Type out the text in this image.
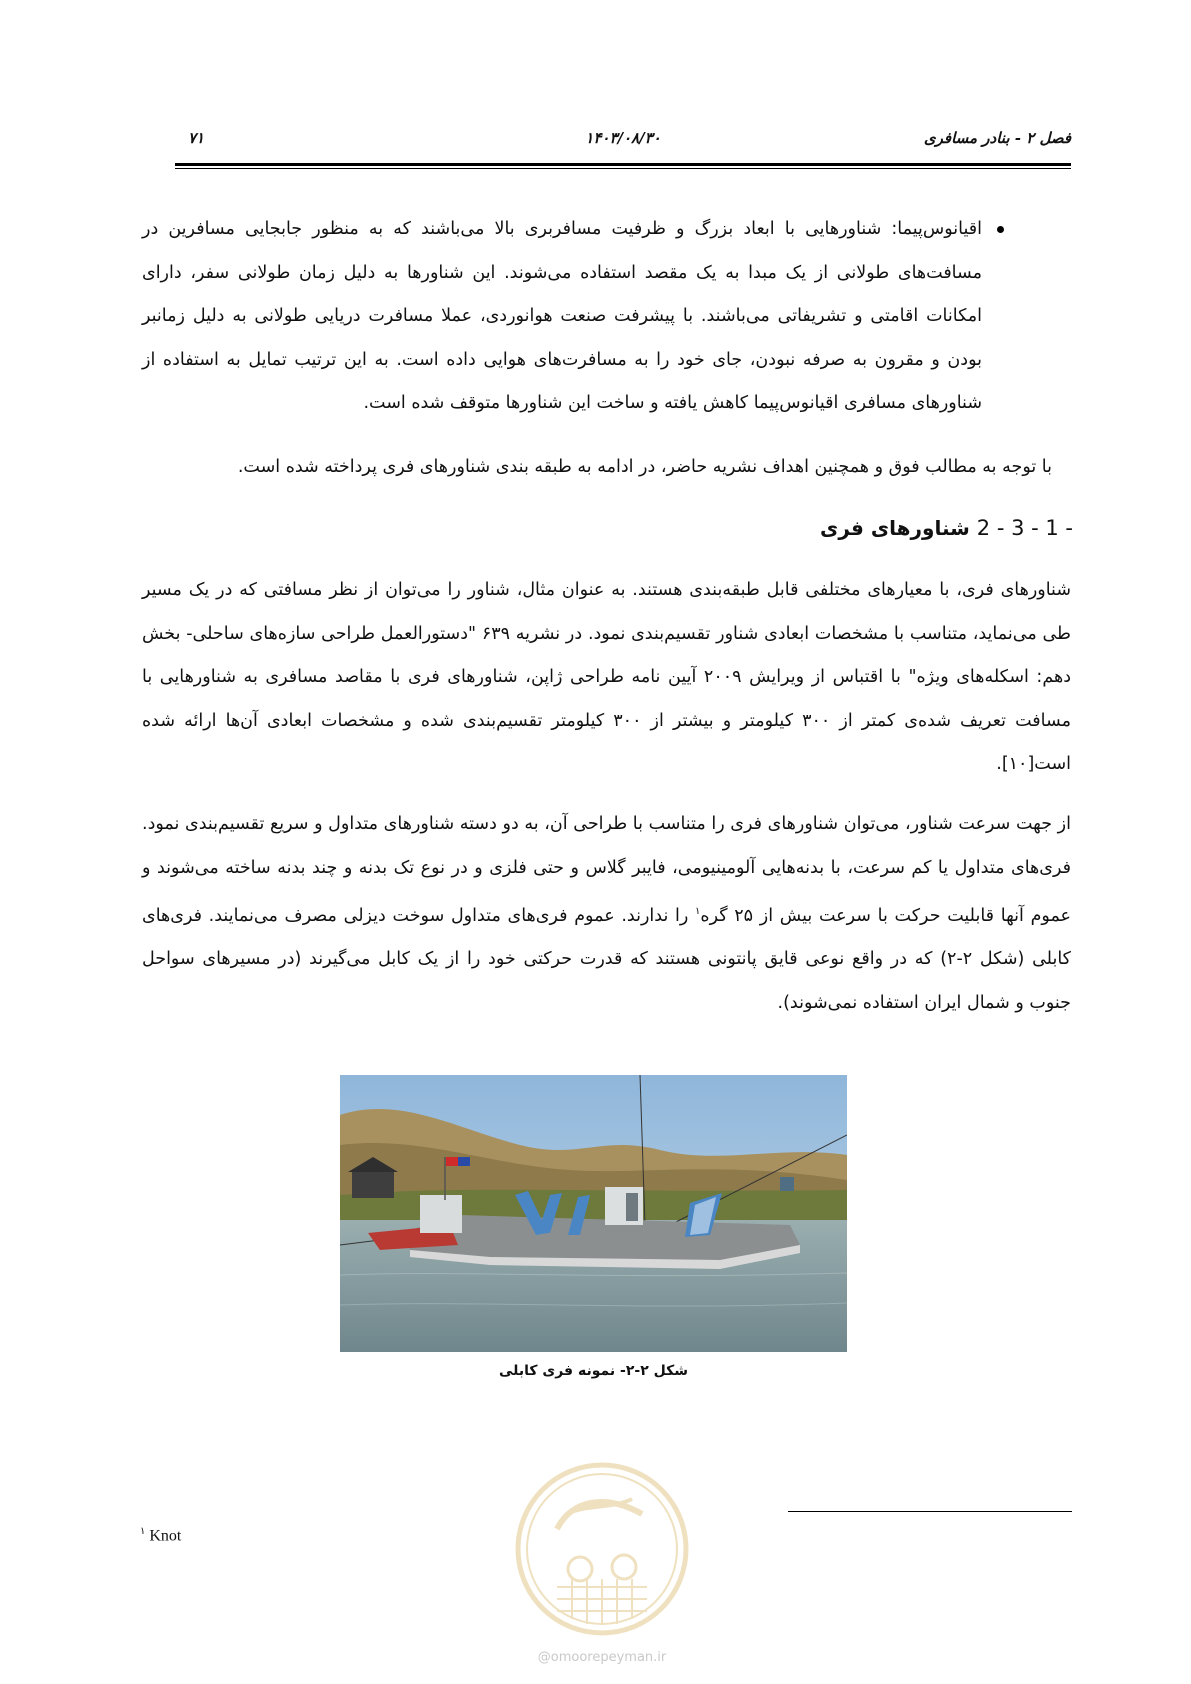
فصل ۲ - بنادر مسافری
۱۴۰۳/۰۸/۳۰
۷۱
اقیانوس‌پیما: شناورهایی با ابعاد بزرگ و ظرفیت مسافربری بالا می‌باشند که به منظور جابجایی مسافرین در مسافت‌های طولانی از یک مبدا به یک مقصد استفاده می‌شوند. این شناورها به دلیل زمان طولانی سفر، دارای امکانات اقامتی و تشریفاتی می‌باشند. با پیشرفت صنعت هوانوردی، عملا مسافرت دریایی طولانی به دلیل زمانبر بودن و مقرون به صرفه نبودن، جای خود را به مسافرت‌های هوایی داده است. به این ترتیب تمایل به استفاده از شناورهای مسافری اقیانوس‌پیما کاهش یافته و ساخت این شناورها متوقف شده است.
با توجه به مطالب فوق و همچنین اهداف نشریه حاضر، در ادامه به طبقه بندی شناورهای فری پرداخته شده است.
2 - 3 - 1 - شناورهای فری
شناورهای فری، با معیارهای مختلفی قابل طبقه‌بندی هستند. به عنوان مثال، شناور را می‌توان از نظر مسافتی که در یک مسیر طی می‌نماید، متناسب با مشخصات ابعادی شناور تقسیم‌بندی نمود. در نشریه ۶۳۹ "دستورالعمل طراحی سازه‌های ساحلی- بخش دهم: اسکله‌های ویژه" با اقتباس از ویرایش ۲۰۰۹ آیین نامه طراحی ژاپن، شناورهای فری با مقاصد مسافری به شناورهایی با مسافت تعریف شده‌ی کمتر از ۳۰۰ کیلومتر و بیشتر از ۳۰۰ کیلومتر تقسیم‌بندی شده و مشخصات ابعادی آن‌ها ارائه شده است[۱۰].
از جهت سرعت شناور، می‌توان شناورهای فری را متناسب با طراحی آن، به دو دسته شناورهای متداول و سریع تقسیم‌بندی نمود. فری‌های متداول یا کم سرعت، با بدنه‌هایی آلومینیومی، فایبر گلاس و حتی فلزی و در نوع تک بدنه و چند بدنه ساخته می‌شوند و عموم آنها قابلیت حرکت با سرعت بیش از ۲۵ گره$^۱$ را ندارند. عموم فری‌های متداول سوخت دیزلی مصرف می‌نمایند. فری‌های کابلی (شکل ۲-۲) که در واقع نوعی قایق پانتونی هستند که قدرت حرکتی خود را از یک کابل می‌گیرند (در مسیرهای سواحل جنوب و شمال ایران استفاده نمی‌شوند).
شکل ۲-۲- نمونه فری کابلی
$^۱$ Knot
@omoorepeyman.ir
